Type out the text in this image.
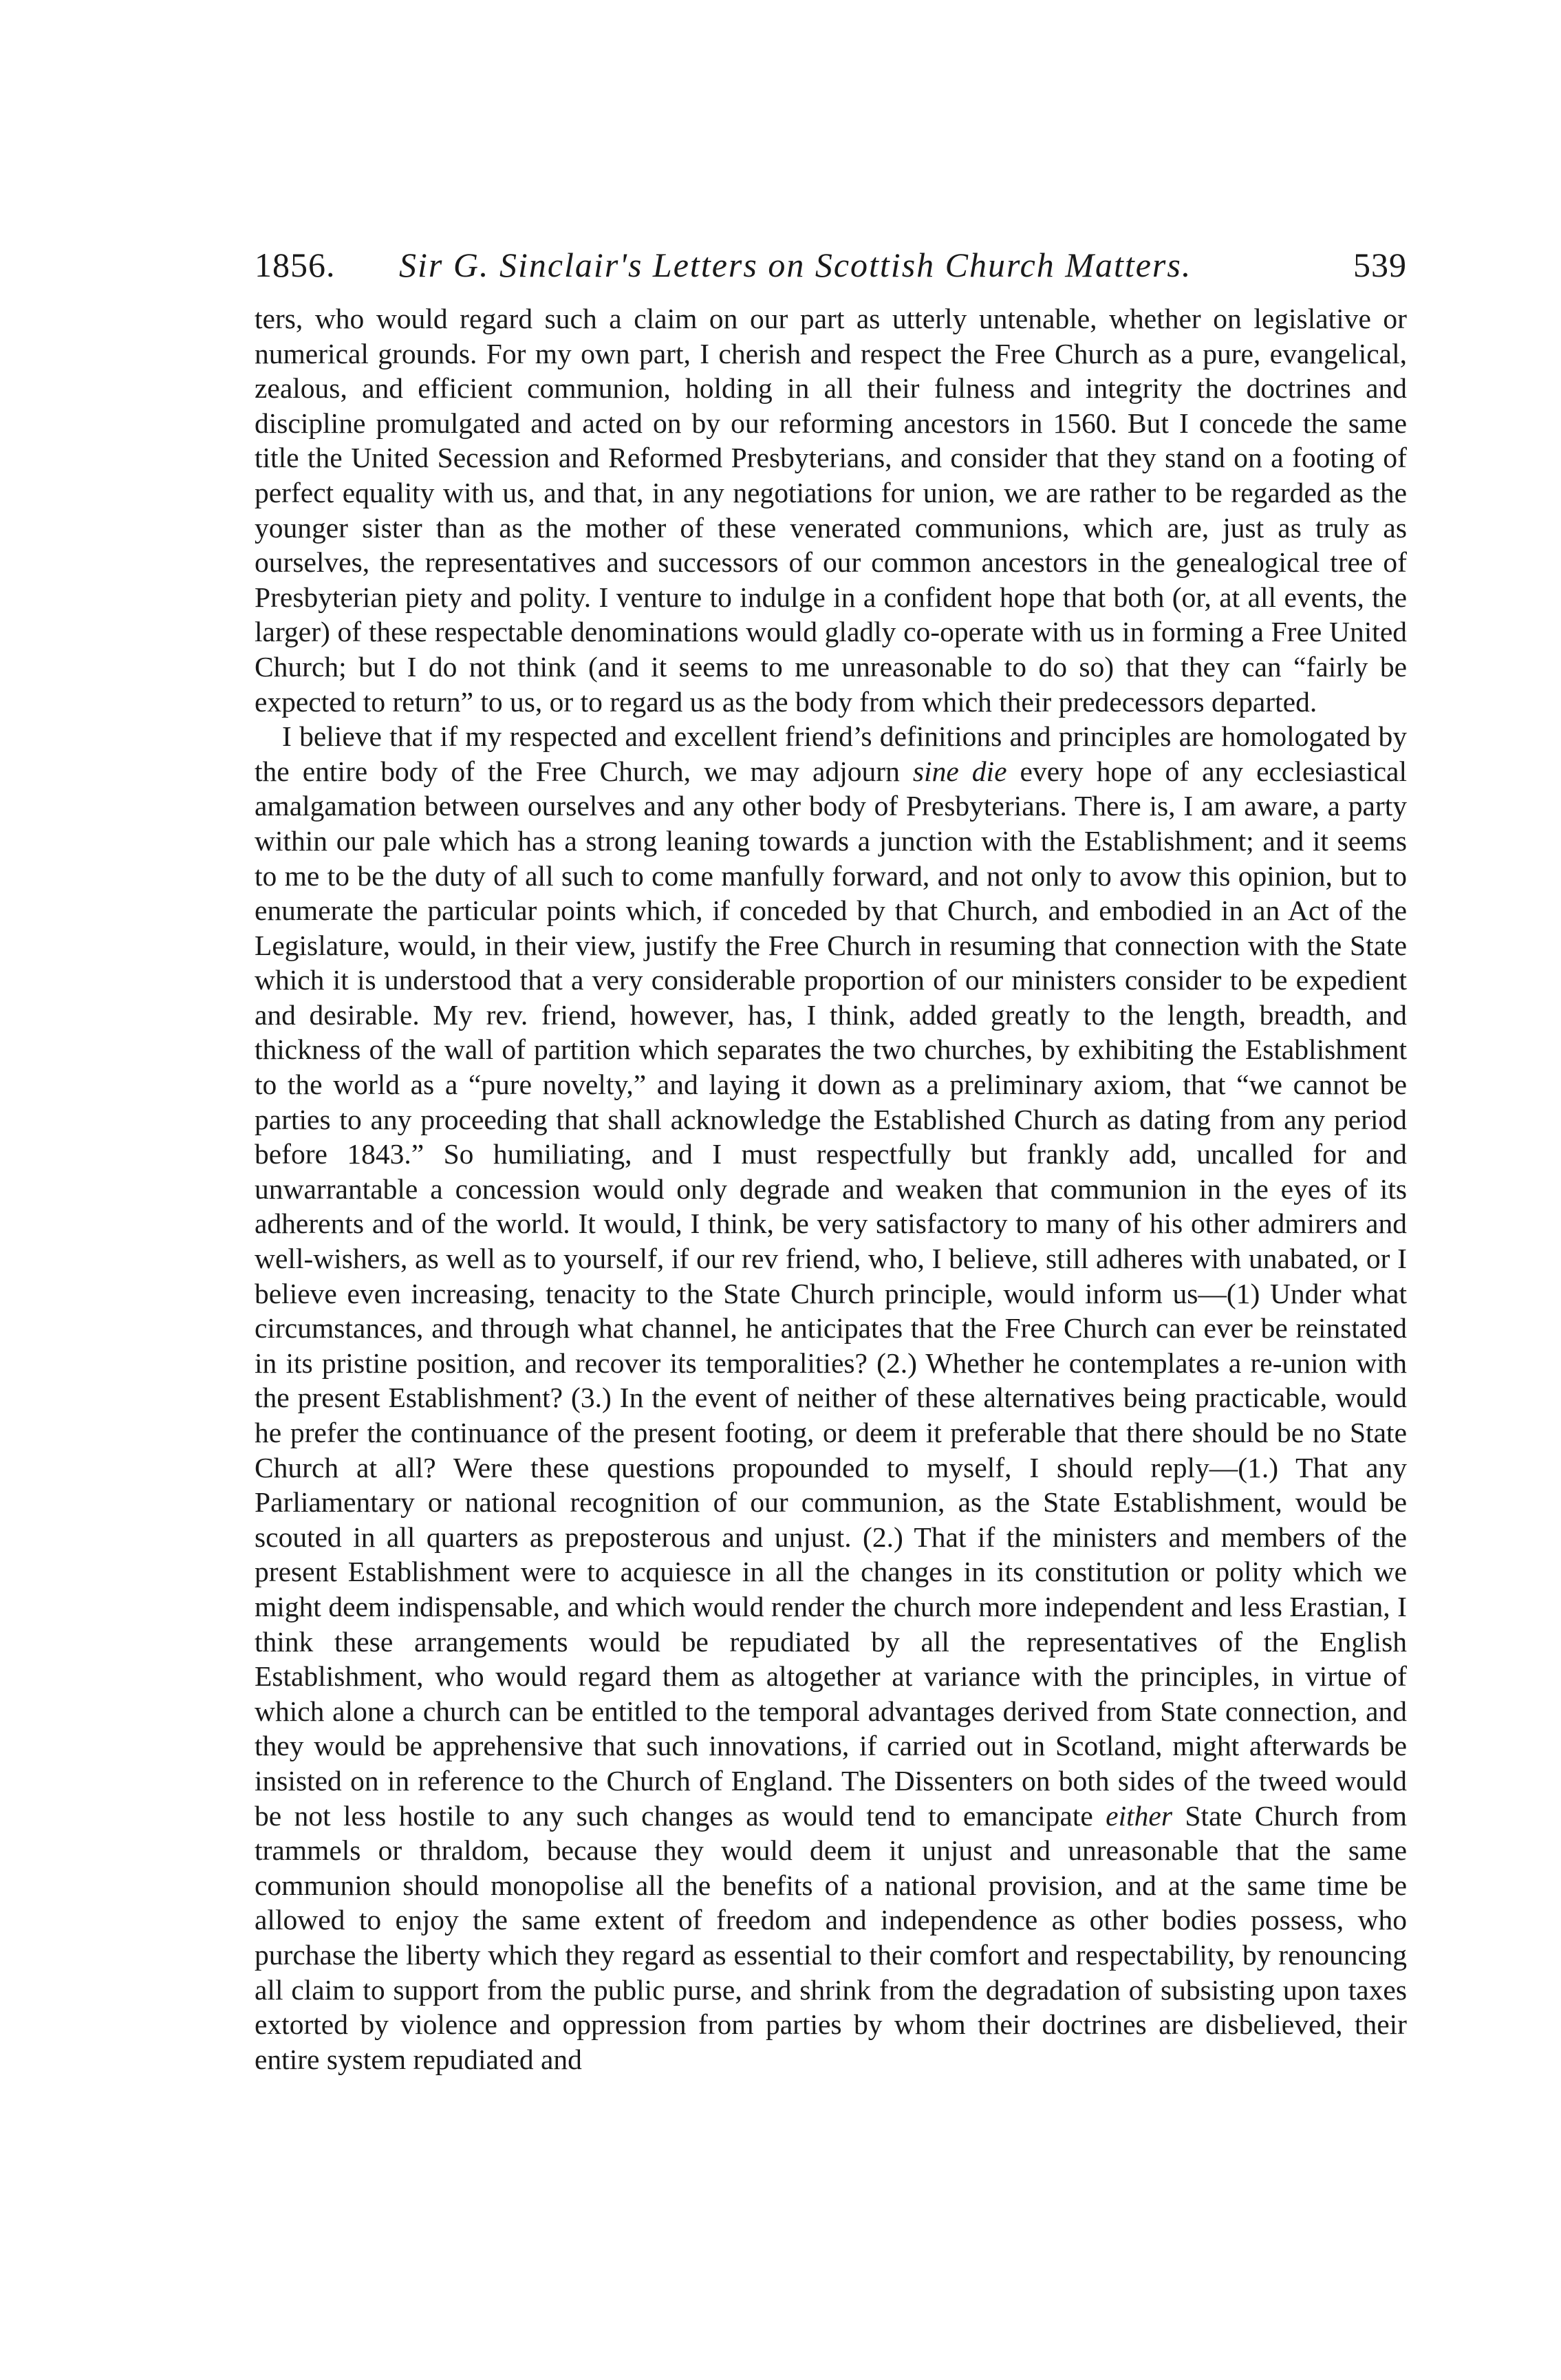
1856. Sir G. Sinclair's Letters on Scottish Church Matters.	539

ters, who would regard such a claim on our part as utterly untenable, whether on legislative or numerical grounds. For my own part, I cherish and respect the Free Church as a pure, evangelical, zealous, and efficient communion, holding in all their fulness and integrity the doctrines and discipline promulgated and acted on by our reforming ancestors in 1560. But I concede the same title the United Secession and Reformed Presbyterians, and consider that they stand on a footing of perfect equality with us, and that, in any negotiations for union, we are rather to be regarded as the younger sister than as the mother of these venerated communions, which are, just as truly as ourselves, the representatives and successors of our common ancestors in the genealogical tree of Presbyterian piety and polity. I venture to indulge in a confident hope that both (or, at all events, the larger) of these respectable denominations would gladly co-operate with us in forming a Free United Church; but I do not think (and it seems to me unreasonable to do so) that they can “fairly be expected to return” to us, or to regard us as the body from which their predecessors departed.

I believe that if my respected and excellent friend’s definitions and principles are homologated by the entire body of the Free Church, we may adjourn sine die every hope of any ecclesiastical amalgamation between ourselves and any other body of Presbyterians. There is, I am aware, a party within our pale which has a strong leaning towards a junction with the Establishment; and it seems to me to be the duty of all such to come manfully forward, and not only to avow this opinion, but to enumerate the particular points which, if conceded by that Church, and embodied in an Act of the Legislature, would, in their view, justify the Free Church in resuming that connection with the State which it is understood that a very considerable proportion of our ministers consider to be expedient and desirable. My rev. friend, however, has, I think, added greatly to the length, breadth, and thickness of the wall of partition which separates the two churches, by exhibiting the Establishment to the world as a “pure novelty,” and laying it down as a preliminary axiom, that “we cannot be parties to any proceeding that shall acknowledge the Established Church as dating from any period before 1843.” So humiliating, and I must respectfully but frankly add, uncalled for and unwarrantable a concession would only degrade and weaken that communion in the eyes of its adherents and of the world. It would, I think, be very satisfactory to many of his other admirers and well-wishers, as well as to yourself, if our rev friend, who, I believe, still adheres with unabated, or I believe even increasing, tenacity to the State Church principle, would inform us—(1) Under what circumstances, and through what channel, he anticipates that the Free Church can ever be reinstated in its pristine position, and recover its temporalities? (2.) Whether he contemplates a re-union with the present Establishment? (3.) In the event of neither of these alternatives being practicable, would he prefer the continuance of the present footing, or deem it preferable that there should be no State Church at all? Were these questions propounded to myself, I should reply—(1.) That any Parliamentary or national recognition of our communion, as the State Establishment, would be scouted in all quarters as preposterous and unjust. (2.) That if the ministers and members of the present Establishment were to acquiesce in all the changes in its constitution or polity which we might deem indispensable, and which would render the church more independent and less Erastian, I think these arrangements would be repudiated by all the representatives of the English Establishment, who would regard them as altogether at variance with the principles, in virtue of which alone a church can be entitled to the temporal advantages derived from State connection, and they would be apprehensive that such innovations, if carried out in Scotland, might afterwards be insisted on in reference to the Church of England. The Dissenters on both sides of the tweed would be not less hostile to any such changes as would tend to emancipate either State Church from trammels or thraldom, because they would deem it unjust and unreasonable that the same communion should monopolise all the benefits of a national provision, and at the same time be allowed to enjoy the same extent of freedom and independence as other bodies possess, who purchase the liberty which they regard as essential to their comfort and respectability, by renouncing all claim to support from the public purse, and shrink from the degradation of subsisting upon taxes extorted by violence and oppression from parties by whom their doctrines are disbelieved, their entire system repudiated and
